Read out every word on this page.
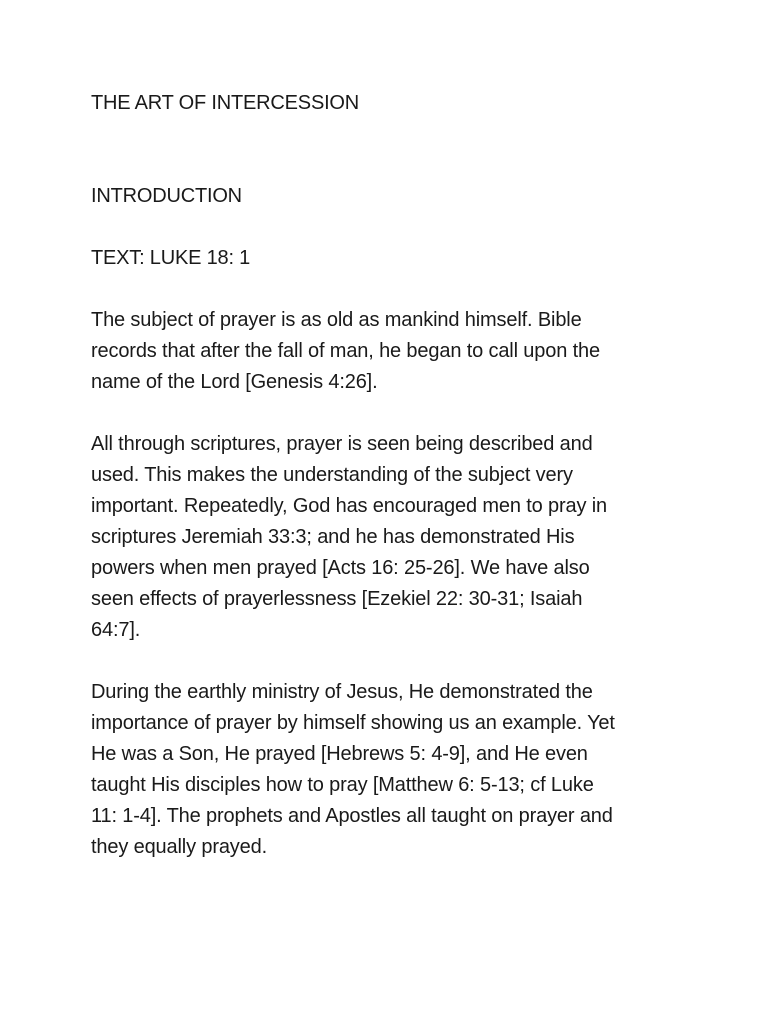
THE ART OF INTERCESSION
INTRODUCTION

TEXT: LUKE 18: 1

The subject of prayer is as old as mankind himself. Bible
records that after the fall of man, he began to call upon the
name of the Lord [Genesis 4:26].

All through scriptures, prayer is seen being described and
used. This makes the understanding of the subject very
important. Repeatedly, God has encouraged men to pray in
scriptures Jeremiah 33:3; and he has demonstrated His
powers when men prayed [Acts 16: 25-26]. We have also
seen effects of prayerlessness [Ezekiel 22: 30-31; Isaiah
64:7].

During the earthly ministry of Jesus, He demonstrated the
importance of prayer by himself showing us an example. Yet
He was a Son, He prayed [Hebrews 5: 4-9], and He even
taught His disciples how to pray [Matthew 6: 5-13; cf Luke
11: 1-4]. The prophets and Apostles all taught on prayer and
they equally prayed.
